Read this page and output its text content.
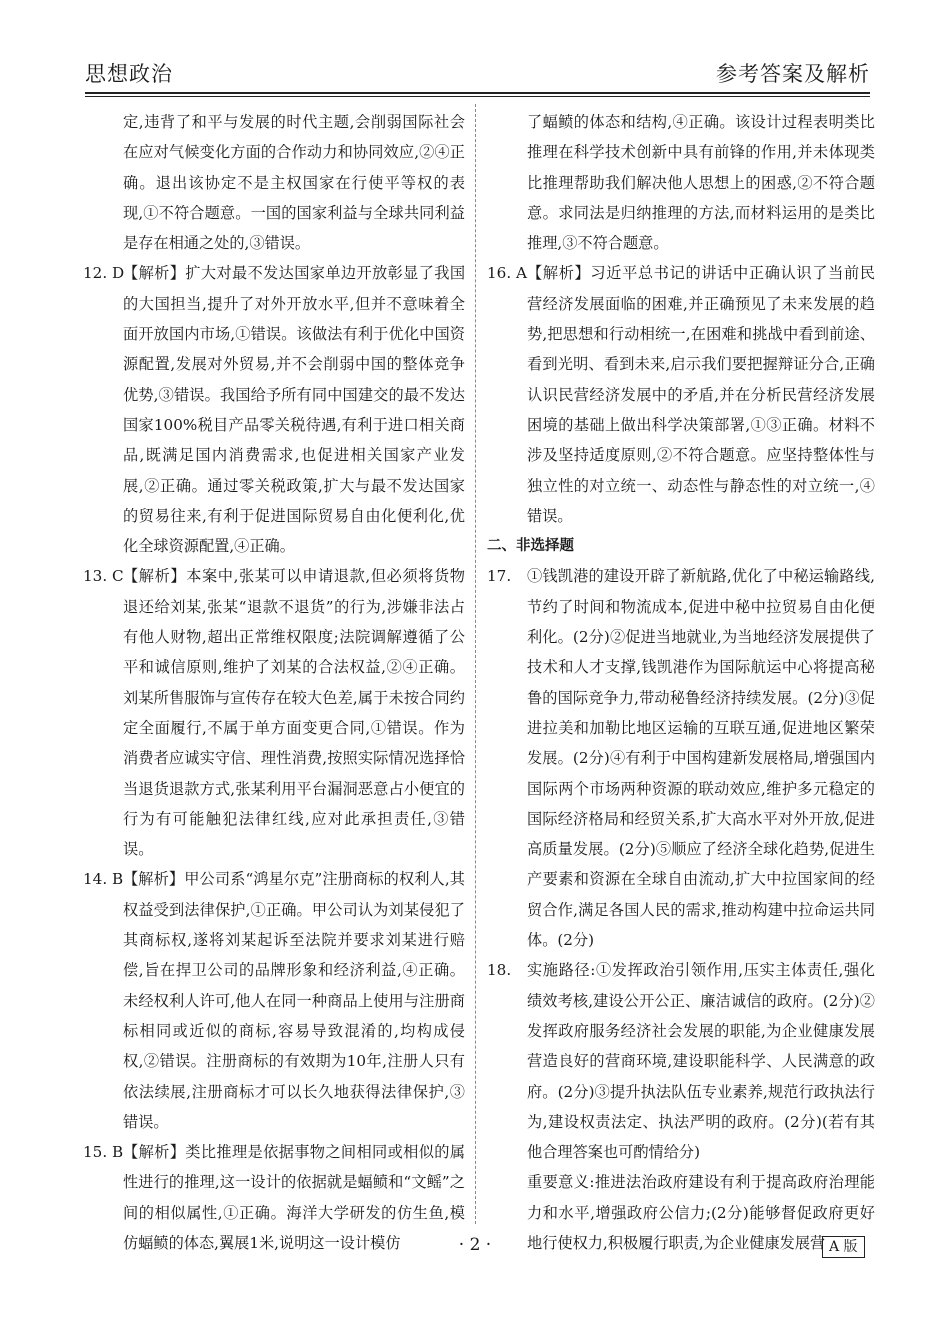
思想政治	参考答案及解析

定,违背了和平与发展的时代主题,会削弱国际社会在应对气候变化方面的合作动力和协同效应,②④正确。退出该协定不是主权国家在行使平等权的表现,①不符合题意。一国的国家利益与全球共同利益是存在相通之处的,③错误。

12. D
【解析】扩大对最不发达国家单边开放彰显了我国的大国担当,提升了对外开放水平,但并不意味着全面开放国内市场,①错误。该做法有利于优化中国资源配置,发展对外贸易,并不会削弱中国的整体竞争优势,③错误。我国给予所有同中国建交的最不发达国家100%税目产品零关税待遇,有利于进口相关商品,既满足国内消费需求,也促进相关国家产业发展,②正确。通过零关税政策,扩大与最不发达国家的贸易往来,有利于促进国际贸易自由化便利化,优化全球资源配置,④正确。
13. C 【解析】本案中,张某可以申请退款,但必须将货物退还给刘某,张某“退款不退货”的行为,涉嫌非法占有他人财物,超出正常维权限度;法院调解遵循了公平和诚信原则,维护了刘某的合法权益,②④正确。刘某所售服饰与宣传存在较大色差,属于未按合同约定全面履行,不属于单方面变更合同,①错误。作为消费者应诚实守信、理性消费,按照实际情况选择恰当退货退款方式,张某利用平台漏洞恶意占小便宜的行为有可能触犯法律红线,应对此承担责任,③错误。
14. B 【解析】甲公司系“鸿星尔克”注册商标的权利人,其权益受到法律保护,①正确。甲公司认为刘某侵犯了其商标权,遂将刘某起诉至法院并要求刘某进行赔偿,旨在捍卫公司的品牌形象和经济利益,④正确。未经权利人许可,他人在同一种商品上使用与注册商标相同或近似的商标,容易导致混淆的,均构成侵权,②错误。注册商标的有效期为10年,注册人只有依法续展,注册商标才可以长久地获得法律保护,③错误。
15. B 【解析】类比推理是依据事物之间相同或相似的属性进行的推理,这一设计的依据就是蝠鲼和“文鳐”之间的相似属性,①正确。海洋大学研发的仿生鱼,模仿蝠鲼的体态,翼展1米,说明这一设计模仿

了蝠鲼的体态和结构,④正确。该设计过程表明类比推理在科学技术创新中具有前锋的作用,并未体现类比推理帮助我们解决他人思想上的困惑,②不符合题意。求同法是归纳推理的方法,而材料运用的是类比推理,③不符合题意。

16. A 【解析】习近平总书记的讲话中正确认识了当前民营经济发展面临的困难,并正确预见了未来发展的趋势,把思想和行动相统一,在困难和挑战中看到前途、看到光明、看到未来,启示我们要把握辩证分合,正确认识民营经济发展中的矛盾,并在分析民营经济发展困境的基础上做出科学决策部署,①③正确。材料不涉及坚持适度原则,②不符合题意。应坚持整体性与独立性的对立统一、动态性与静态性的对立统一,④错误。

二、非选择题

17. ①钱凯港的建设开辟了新航路,优化了中秘运输路线,节约了时间和物流成本,促进中秘中拉贸易自由化便利化。(2分)②促进当地就业,为当地经济发展提供了技术和人才支撑,钱凯港作为国际航运中心将提高秘鲁的国际竞争力,带动秘鲁经济持续发展。(2分)③促进拉美和加勒比地区运输的互联互通,促进地区繁荣发展。(2分)④有利于中国构建新发展格局,增强国内国际两个市场两种资源的联动效应,维护多元稳定的国际经济格局和经贸关系,扩大高水平对外开放,促进高质量发展。(2分)⑤顺应了经济全球化趋势,促进生产要素和资源在全球自由流动,扩大中拉国家间的经贸合作,满足各国人民的需求,推动构建中拉命运共同体。(2分)
18. 实施路径:①发挥政治引领作用,压实主体责任,强化绩效考核,建设公开公正、廉洁诚信的政府。(2分)②发挥政府服务经济社会发展的职能,为企业健康发展营造良好的营商环境,建设职能科学、人民满意的政府。(2分)③提升执法队伍专业素养,规范行政执法行为,建设权责法定、执法严明的政府。(2分)(若有其他合理答案也可酌情给分)

重要意义:推进法治政府建设有利于提高政府治理能力和水平,增强政府公信力;(2分)能够督促政府更好地行使权力,积极履行职责,为企业健康发展营

· 2 ·	A 版
